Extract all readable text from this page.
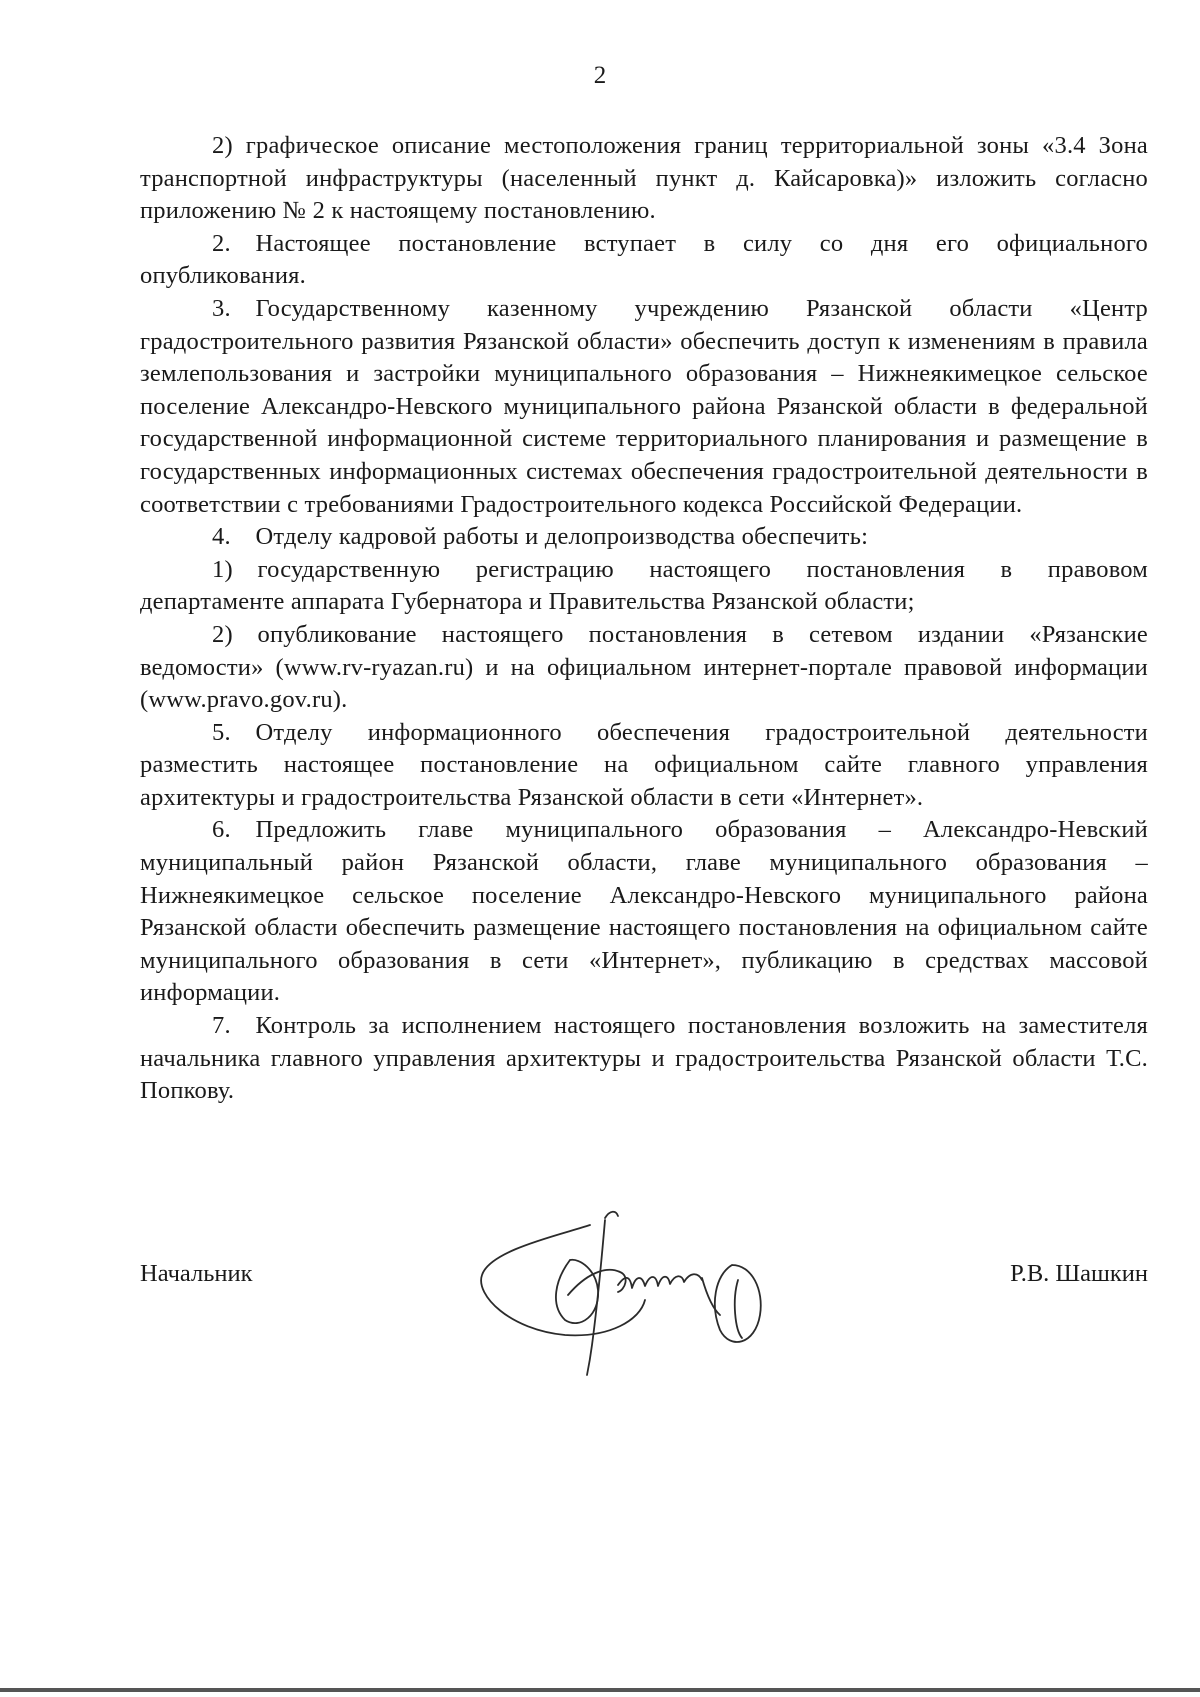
2

2) графическое описание местоположения границ территориальной зоны «3.4 Зона транспортной инфраструктуры (населенный пункт д. Кайсаровка)» изложить согласно приложению № 2 к настоящему постановлению.

2. Настоящее постановление вступает в силу со дня его официального опубликования.

3. Государственному казенному учреждению Рязанской области «Центр градостроительного развития Рязанской области» обеспечить доступ к изменениям в правила землепользования и застройки муниципального образования – Нижнеякимецкое сельское поселение Александро-Невского муниципального района Рязанской области в федеральной государственной информационной системе территориального планирования и размещение в государственных информационных системах обеспечения градостроительной деятельности в соответствии с требованиями Градостроительного кодекса Российской Федерации.

4. Отделу кадровой работы и делопроизводства обеспечить:

1) государственную регистрацию настоящего постановления в правовом департаменте аппарата Губернатора и Правительства Рязанской области;

2) опубликование настоящего постановления в сетевом издании «Рязанские ведомости» (www.rv-ryazan.ru) и на официальном интернет-портале правовой информации (www.pravo.gov.ru).

5. Отделу информационного обеспечения градостроительной деятельности разместить настоящее постановление на официальном сайте главного управления архитектуры и градостроительства Рязанской области в сети «Интернет».

6. Предложить главе муниципального образования – Александро-Невский муниципальный район Рязанской области, главе муниципального образования – Нижнеякимецкое сельское поселение Александро-Невского муниципального района Рязанской области обеспечить размещение настоящего постановления на официальном сайте муниципального образования в сети «Интернет», публикацию в средствах массовой информации.

7. Контроль за исполнением настоящего постановления возложить на заместителя начальника главного управления архитектуры и градостроительства Рязанской области Т.С. Попкову.

Начальник	Р.В. Шашкин
